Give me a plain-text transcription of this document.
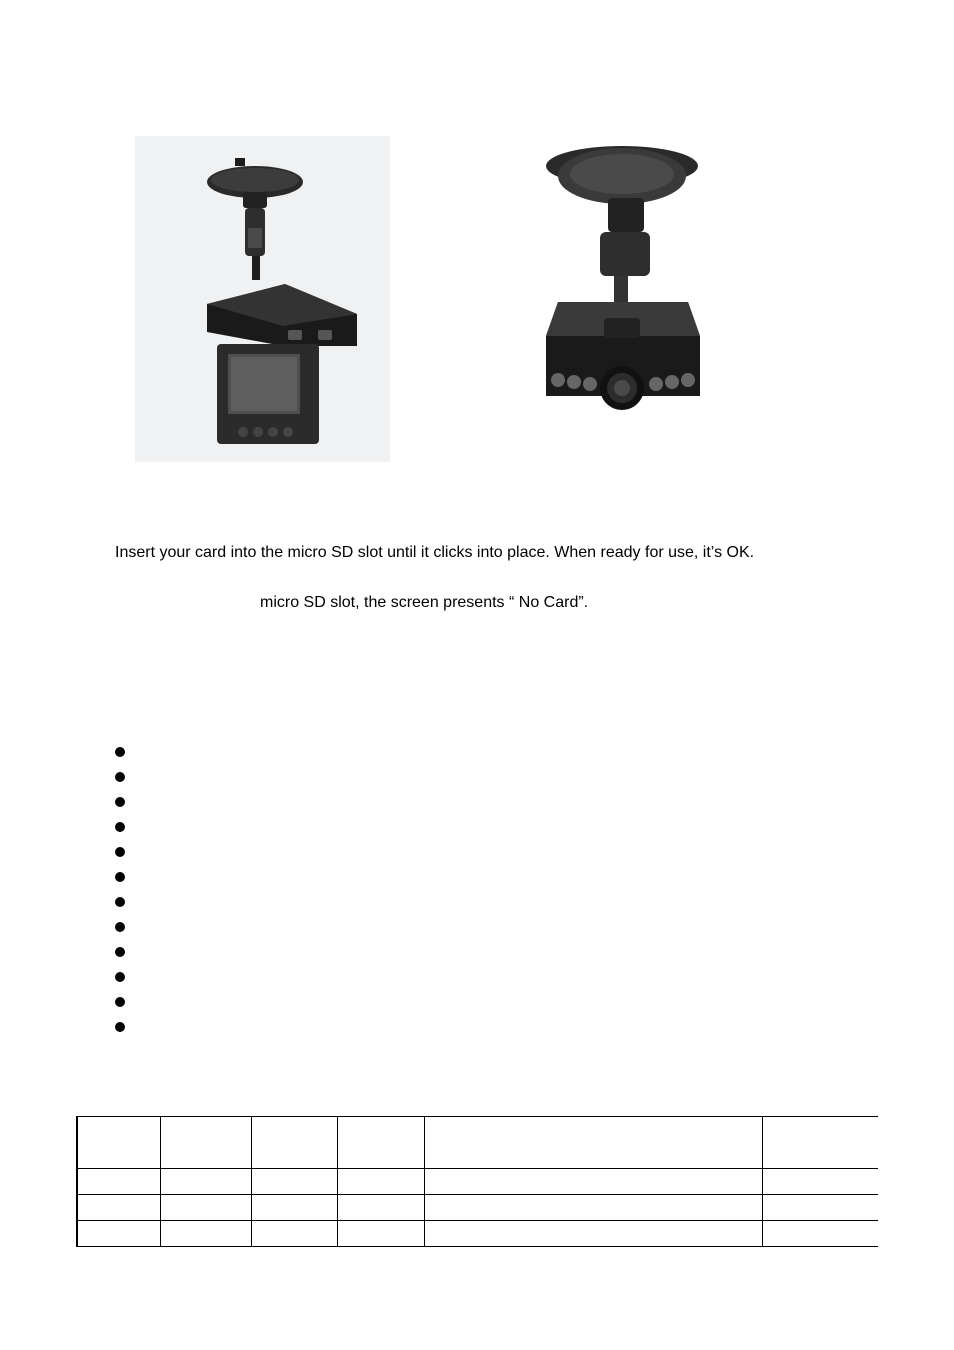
Insert your card into the micro SD slot until it clicks into place. When ready for use, it’s OK.
micro SD slot, the screen presents “ No Card”.
